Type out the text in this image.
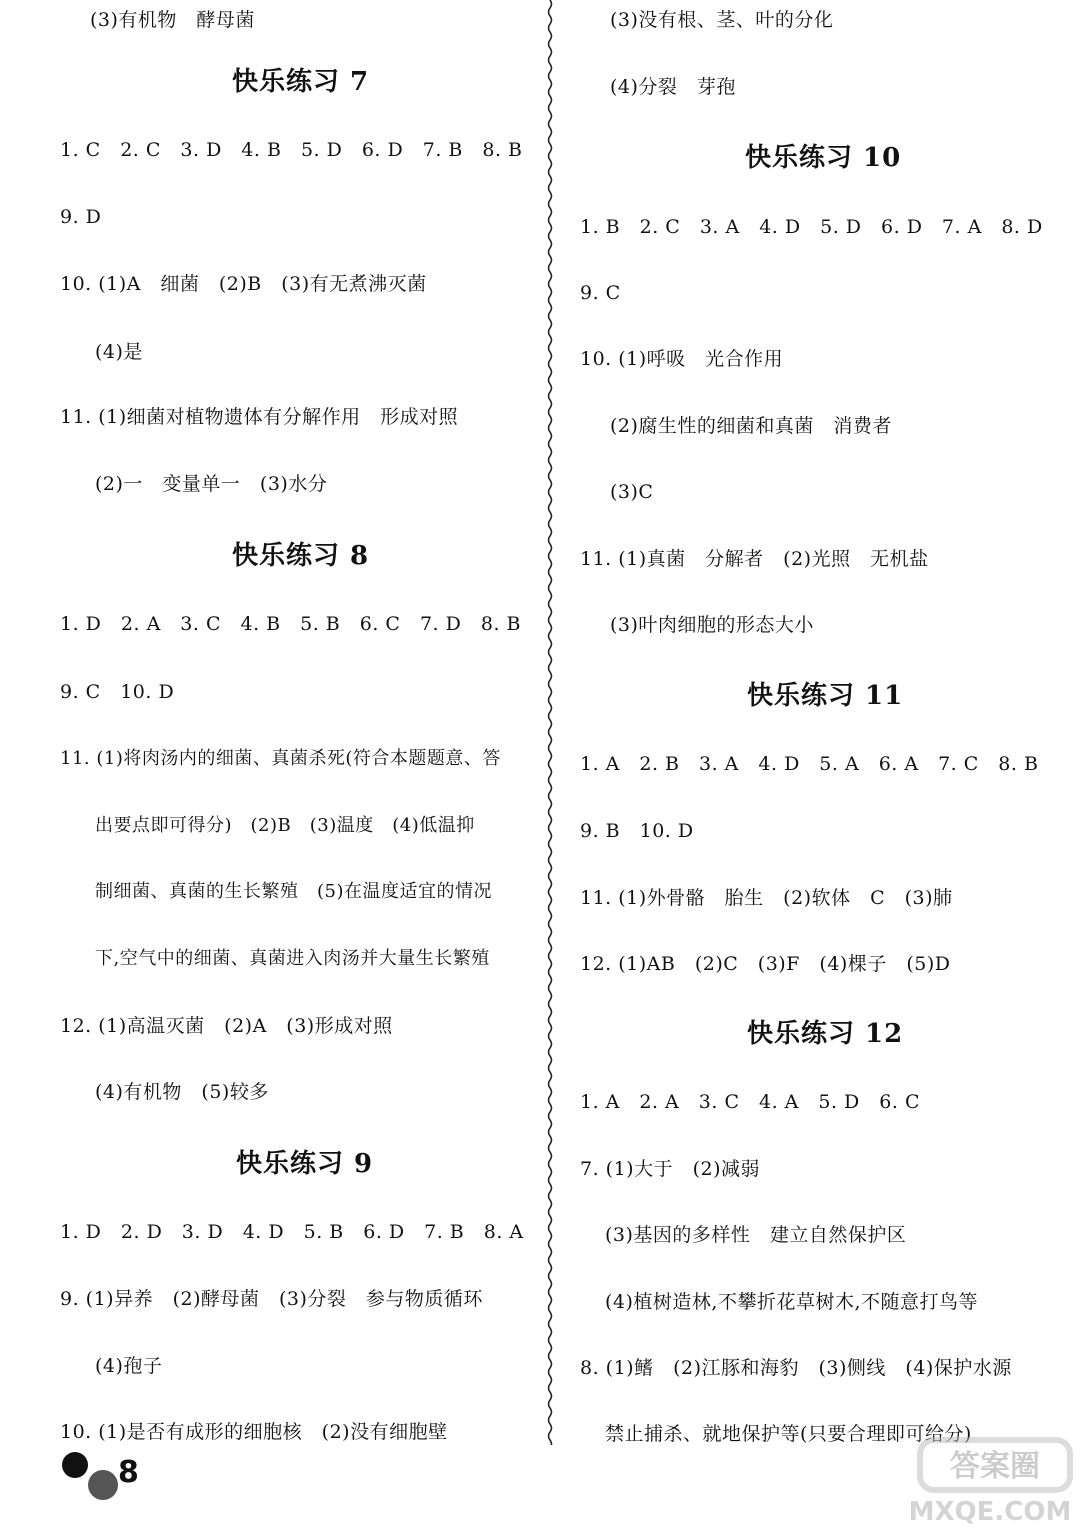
(3)有机物　酵母菌
快乐练习 7
1. C　2. C　3. D　4. B　5. D　6. D　7. B　8. B
9. D
10. (1)A　细菌　(2)B　(3)有无煮沸灭菌
(4)是
11. (1)细菌对植物遗体有分解作用　形成对照
(2)一　变量单一　(3)水分
快乐练习 8
1. D　2. A　3. C　4. B　5. B　6. C　7. D　8. B
9. C　10. D
11. (1)将肉汤内的细菌、真菌杀死(符合本题题意、答
出要点即可得分)　(2)B　(3)温度　(4)低温抑
制细菌、真菌的生长繁殖　(5)在温度适宜的情况
下,空气中的细菌、真菌进入肉汤并大量生长繁殖
12. (1)高温灭菌　(2)A　(3)形成对照
(4)有机物　(5)较多
快乐练习 9
1. D　2. D　3. D　4. D　5. B　6. D　7. B　8. A
9. (1)异养　(2)酵母菌　(3)分裂　参与物质循环
(4)孢子
10. (1)是否有成形的细胞核　(2)没有细胞壁
(3)没有根、茎、叶的分化
(4)分裂　芽孢
快乐练习 10
1. B　2. C　3. A　4. D　5. D　6. D　7. A　8. D
9. C
10. (1)呼吸　光合作用
(2)腐生性的细菌和真菌　消费者
(3)C
11. (1)真菌　分解者　(2)光照　无机盐
(3)叶肉细胞的形态大小
快乐练习 11
1. A　2. B　3. A　4. D　5. A　6. A　7. C　8. B
9. B　10. D
11. (1)外骨骼　胎生　(2)软体　C　(3)肺
12. (1)AB　(2)C　(3)F　(4)棵子　(5)D
快乐练习 12
1. A　2. A　3. C　4. A　5. D　6. C
7. (1)大于　(2)减弱
(3)基因的多样性　建立自然保护区
(4)植树造林,不攀折花草树木,不随意打鸟等
8. (1)鳍　(2)江豚和海豹　(3)侧线　(4)保护水源
禁止捕杀、就地保护等(只要合理即可给分)
8	答案圈
MXQE.COM
